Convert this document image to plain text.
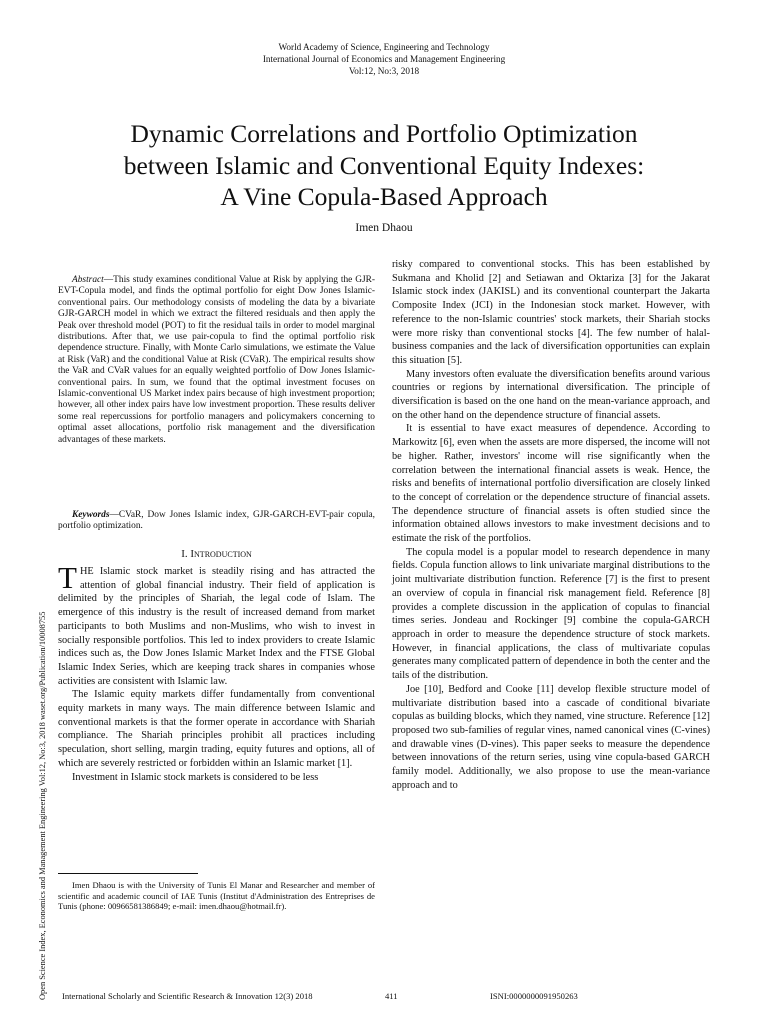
World Academy of Science, Engineering and Technology
International Journal of Economics and Management Engineering
Vol:12, No:3, 2018
Dynamic Correlations and Portfolio Optimization
between Islamic and Conventional Equity Indexes:
A Vine Copula-Based Approach
Imen Dhaou
Open Science Index, Economics and Management Engineering Vol:12, No:3, 2018 waset.org/Publication/10008755

Abstract—This study examines conditional Value at Risk by applying the GJR-EVT-Copula model, and finds the optimal portfolio for eight Dow Jones Islamic-conventional pairs. Our methodology consists of modeling the data by a bivariate GJR-GARCH model in which we extract the filtered residuals and then apply the Peak over threshold model (POT) to fit the residual tails in order to model marginal distributions. After that, we use pair-copula to find the optimal portfolio risk dependence structure. Finally, with Monte Carlo simulations, we estimate the Value at Risk (VaR) and the conditional Value at Risk (CVaR). The empirical results show the VaR and CVaR values for an equally weighted portfolio of Dow Jones Islamic-conventional pairs. In sum, we found that the optimal investment focuses on Islamic-conventional US Market index pairs because of high investment proportion; however, all other index pairs have low investment proportion. These results deliver some real repercussions for portfolio managers and policymakers concerning to optimal asset allocations, portfolio risk management and the diversification advantages of these markets.

Keywords—CVaR, Dow Jones Islamic index, GJR-GARCH-EVT-pair copula, portfolio optimization.

I. Introduction

THE Islamic stock market is steadily rising and has attracted the attention of global financial industry. Their field of application is delimited by the principles of Shariah, the legal code of Islam. The emergence of this industry is the result of increased demand from market participants to both Muslims and non-Muslims, who wish to invest in socially responsible portfolios. This led to index providers to create Islamic indices such as, the Dow Jones Islamic Market Index and the FTSE Global Islamic Index Series, which are keeping track shares in companies whose activities are consistent with Islamic law.

The Islamic equity markets differ fundamentally from conventional equity markets in many ways. The main difference between Islamic and conventional markets is that the former operate in accordance with Shariah compliance. The Shariah principles prohibit all practices including speculation, short selling, margin trading, equity futures and options, all of which are severely restricted or forbidden within an Islamic market [1].

Investment in Islamic stock markets is considered to be less

Imen Dhaou is with the University of Tunis El Manar and Researcher and member of scientific and academic council of IAE Tunis (Institut d'Administration des Entreprises de Tunis (phone: 00966581386849; e-mail: imen.dhaou@hotmail.fr).

risky compared to conventional stocks. This has been established by Sukmana and Kholid [2] and Setiawan and Oktariza [3] for the Jakarat Islamic stock index (JAKISL) and its conventional counterpart the Jakarta Composite Index (JCI) in the Indonesian stock market. However, with reference to the non-Islamic countries' stock markets, their Shariah stocks were more risky than conventional stocks [4]. The few number of halal-business companies and the lack of diversification opportunities can explain this situation [5].

Many investors often evaluate the diversification benefits around various countries or regions by international diversification. The principle of diversification is based on the one hand on the mean-variance approach, and on the other hand on the dependence structure of financial assets.

It is essential to have exact measures of dependence. According to Markowitz [6], even when the assets are more dispersed, the income will not be higher. Rather, investors' income will rise significantly when the correlation between the international financial assets is weak. Hence, the risks and benefits of international portfolio diversification are closely linked to the concept of correlation or the dependence structure of financial assets. The dependence structure of financial assets is often studied since the information obtained allows investors to make investment decisions and to estimate the risk of the portfolios.

The copula model is a popular model to research dependence in many fields. Copula function allows to link univariate marginal distributions to the joint multivariate distribution function. Reference [7] is the first to present an overview of copula in financial risk management field. Reference [8] provides a complete discussion in the application of copulas to financial times series. Jondeau and Rockinger [9] combine the copula-GARCH approach in order to measure the dependence structure of stock markets. However, in financial applications, the class of multivariate copulas generates many complicated pattern of dependence in both the center and the tails of the distribution.

Joe [10], Bedford and Cooke [11] develop flexible structure model of multivariate distribution based into a cascade of conditional bivariate copulas as building blocks, which they named, vine structure. Reference [12] proposed two sub-families of regular vines, named canonical vines (C-vines) and drawable vines (D-vines). This paper seeks to measure the dependence between innovations of the return series, using vine copula-based GARCH family model. Additionally, we also propose to use the mean-variance approach and to

International Scholarly and Scientific Research & Innovation 12(3) 2018	411	ISNI:0000000091950263
